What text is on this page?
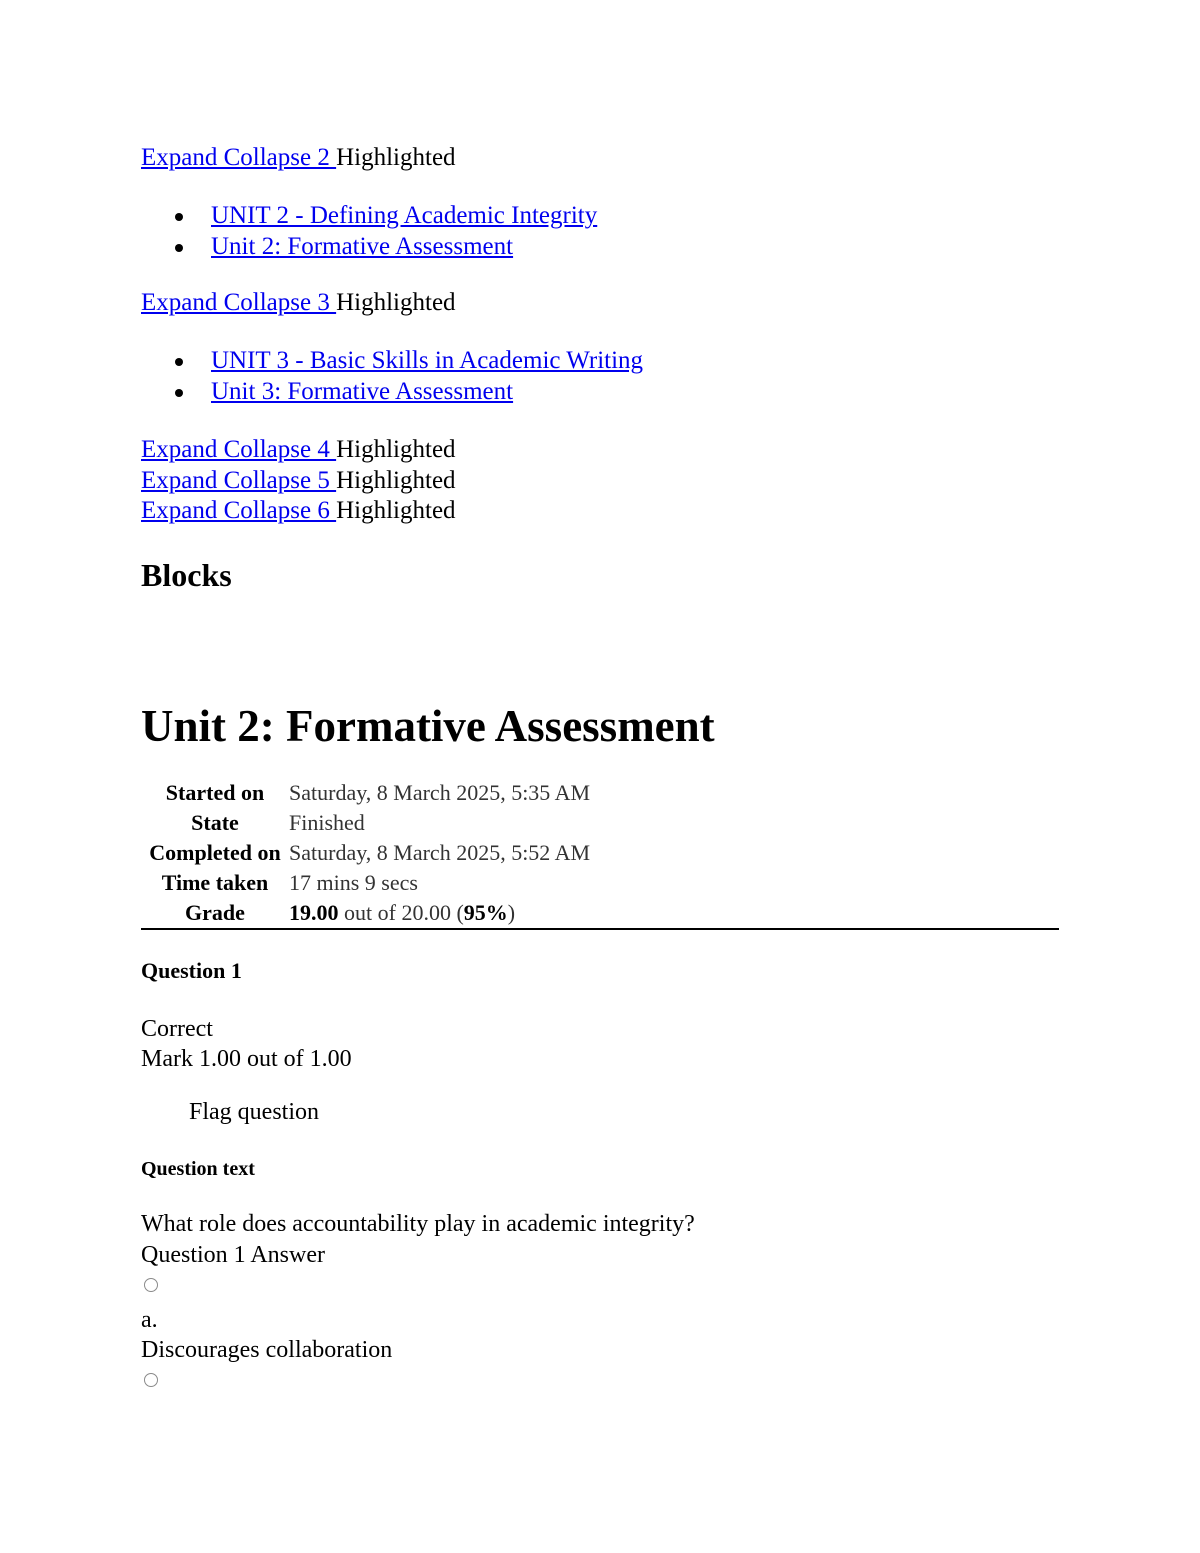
Expand Collapse 2 Highlighted
UNIT 2 - Defining Academic Integrity
Unit 2: Formative Assessment
Expand Collapse 3 Highlighted
UNIT 3 - Basic Skills in Academic Writing
Unit 3: Formative Assessment
Expand Collapse 4 Highlighted
Expand Collapse 5 Highlighted
Expand Collapse 6 Highlighted
Blocks
Unit 2: Formative Assessment
Started on	Saturday, 8 March 2025, 5:35 AM
State	Finished
Completed on	Saturday, 8 March 2025, 5:52 AM
Time taken	17 mins 9 secs
Grade	19.00 out of 20.00 (95%)
Question 1
Correct
Mark 1.00 out of 1.00
Flag question
Question text
What role does accountability play in academic integrity?
Question 1 Answer
a.
Discourages collaboration
